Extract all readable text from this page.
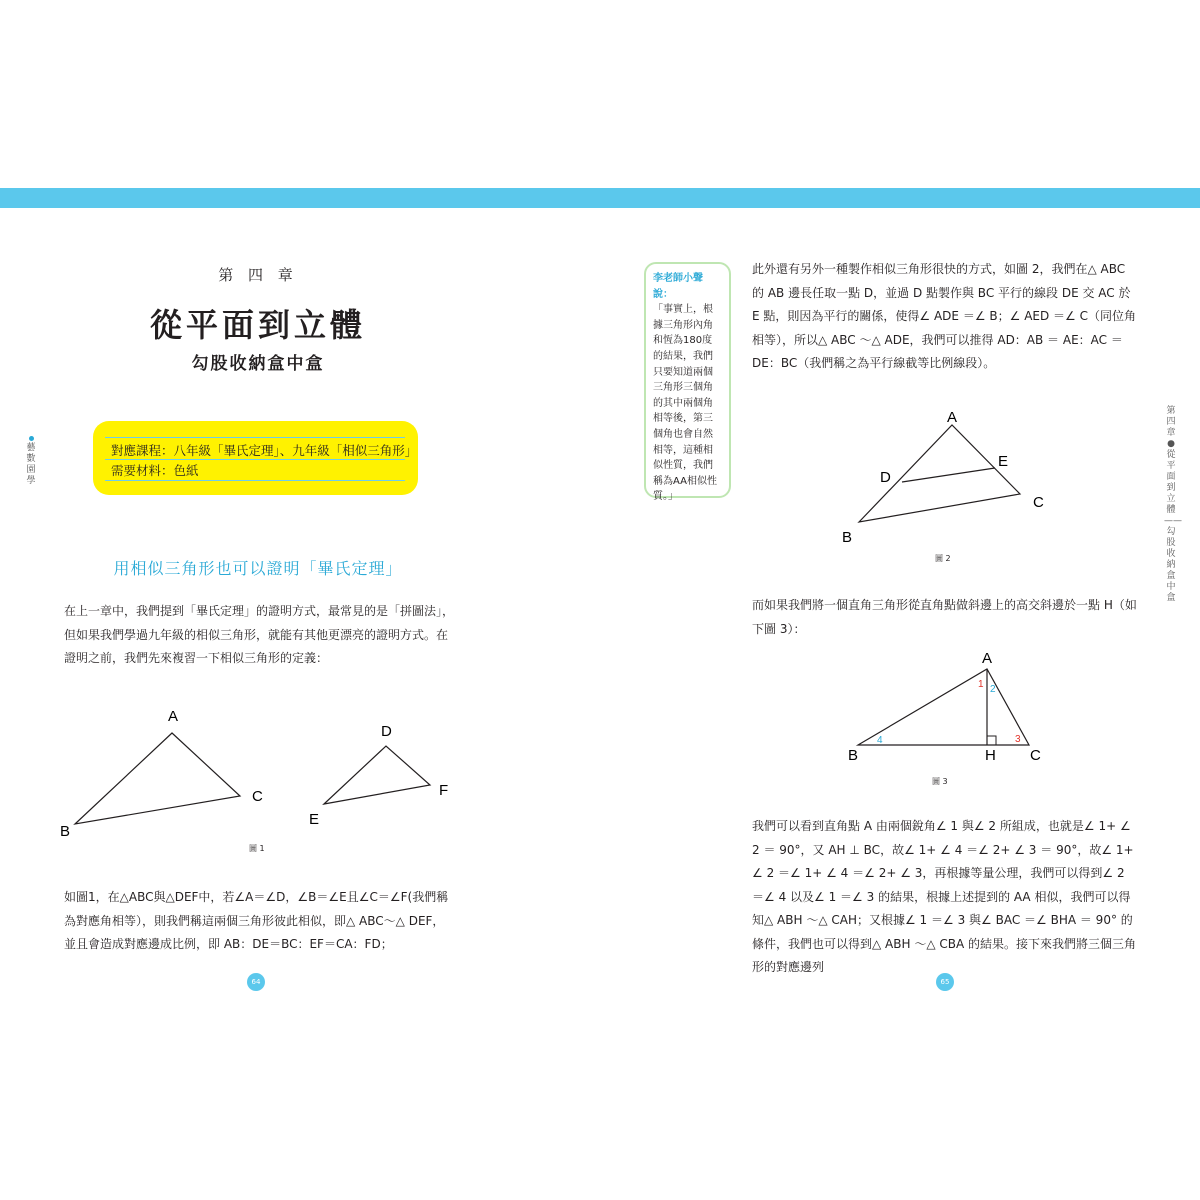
藝數園學
第 四 章
從平面到立體
勾股收納盒中盒
對應課程：八年級「畢氏定理」、九年級「相似三角形」
需要材料：色紙
用相似三角形也可以證明「畢氏定理」
在上一章中，我們提到「畢氏定理」的證明方式，最常見的是「拼圖法」，但如果我們學過九年級的相似三角形，就能有其他更漂亮的證明方式。在證明之前，我們先來複習一下相似三角形的定義：
A
B
C
D
E
F
圖 1
如圖1，在△ABC與△DEF中，若∠A＝∠D，∠B＝∠E且∠C＝∠F(我們稱為對應角相等），則我們稱這兩個三角形彼此相似，即△ ABC～△ DEF，並且會造成對應邊成比例，即 AB：DE＝BC：EF＝CA：FD；
64
李老師小聲說：
「事實上，根據三角形內角和恆為180度的結果，我們只要知道兩個三角形三個角的其中兩個角相等後，第三個角也會自然相等，這種相似性質，我們稱為AA相似性質。」
此外還有另外一種製作相似三角形很快的方式，如圖 2，我們在△ ABC 的 AB 邊長任取一點 D，並過 D 點製作與 BC 平行的線段 DE 交 AC 於 E 點，則因為平行的關係，使得∠ ADE ＝∠ B；∠ AED ＝∠ C（同位角相等），所以△ ABC ～△ ADE，我們可以推得 AD：AB ＝ AE：AC ＝ DE：BC（我們稱之為平行線截等比例線段）。
A
B
C
D
E
圖 2
而如果我們將一個直角三角形從直角點做斜邊上的高交斜邊於一點 H（如下圖 3）：
A
B	C
H
1 2
3
4
圖 3
我們可以看到直角點 A 由兩個銳角∠ 1 與∠ 2 所組成，也就是∠ 1+ ∠ 2 ＝ 90°，又 AH ⊥ BC，故∠ 1+ ∠ 4 ＝∠ 2+ ∠ 3 ＝ 90°，故∠ 1+ ∠ 2 ＝∠ 1+ ∠ 4 ＝∠ 2+ ∠ 3，再根據等量公理，我們可以得到∠ 2 ＝∠ 4 以及∠ 1 ＝∠ 3 的結果，根據上述提到的 AA 相似，我們可以得知△ ABH ～△ CAH；又根據∠ 1 ＝∠ 3 與∠ BAC ＝∠ BHA ＝ 90° 的條件，我們也可以得到△ ABH ～△ CBA 的結果。接下來我們將三個三角形的對應邊列
65
第四章 ● 從平面到立體——勾股收納盒中盒
